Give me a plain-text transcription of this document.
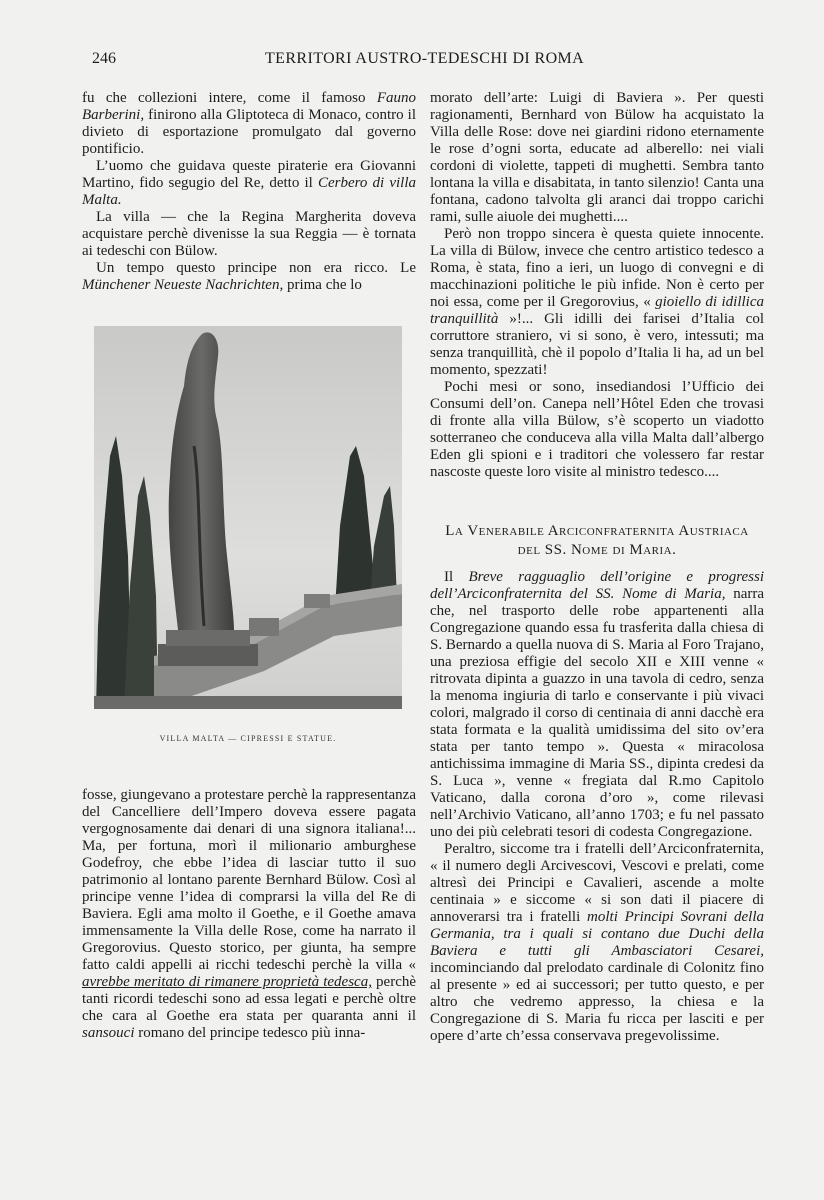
246	TERRITORI AUSTRO-TEDESCHI DI ROMA

fu che collezioni intere, come il famoso Fauno Barberini, finirono alla Gliptoteca di Monaco, contro il divieto di esportazione promulgato dal governo pontificio.

L’uomo che guidava queste piraterie era Giovanni Martino, fido segugio del Re, detto il Cerbero di villa Malta.

La villa — che la Regina Margherita doveva acquistare perchè divenisse la sua Reggia — è tornata ai tedeschi con Bülow.

Un tempo questo principe non era ricco. Le Münchener Neueste Nachrichten, prima che lo

VILLA MALTA — CIPRESSI E STATUE.

fosse, giungevano a protestare perchè la rappresentanza del Cancelliere dell’Impero doveva essere pagata vergognosamente dai denari di una signora italiana!... Ma, per fortuna, morì il milionario amburghese Godefroy, che ebbe l’idea di lasciar tutto il suo patrimonio al lontano parente Bernhard Bülow. Così al principe venne l’idea di comprarsi la villa del Re di Baviera. Egli ama molto il Goethe, e il Goethe amava immensamente la Villa delle Rose, come ha narrato il Gregorovius. Questo storico, per giunta, ha sempre fatto caldi appelli ai ricchi tedeschi perchè la villa « avrebbe meritato di rimanere proprietà tedesca, perchè tanti ricordi tedeschi sono ad essa legati e perchè oltre che cara al Goethe era stata per quaranta anni il sansouci romano del principe tedesco più inna-

morato dell’arte: Luigi di Baviera ». Per questi ragionamenti, Bernhard von Bülow ha acquistato la Villa delle Rose: dove nei giardini ridono eternamente le rose d’ogni sorta, educate ad alberello: nei viali cordoni di violette, tappeti di mughetti. Sembra tanto lontana la villa e disabitata, in tanto silenzio! Canta una fontana, cadono talvolta gli aranci dai troppo carichi rami, sulle aiuole dei mughetti....

Però non troppo sincera è questa quiete innocente. La villa di Bülow, invece che centro artistico tedesco a Roma, è stata, fino a ieri, un luogo di convegni e di macchinazioni politiche le più infide. Non è certo per noi essa, come per il Gregorovius, « gioiello di idillica tranquillità »!... Gli idilli dei farisei d’Italia col corruttore straniero, vi si sono, è vero, intessuti; ma senza tranquillità, chè il popolo d’Italia li ha, ad un bel momento, spezzati!

Pochi mesi or sono, insediandosi l’Ufficio dei Consumi dell’on. Canepa nell’Hôtel Eden che trovasi di fronte alla villa Bülow, s’è scoperto un viadotto sotterraneo che conduceva alla villa Malta dall’albergo Eden gli spioni e i traditori che volessero far restar nascoste queste loro visite al ministro tedesco....

La Venerabile Arciconfraternita Austriaca
del SS. Nome di Maria.

Il Breve ragguaglio dell’origine e progressi dell’Arciconfraternita del SS. Nome di Maria, narra che, nel trasporto delle robe appartenenti alla Congregazione quando essa fu trasferita dalla chiesa di S. Bernardo a quella nuova di S. Maria al Foro Trajano, una preziosa effigie del secolo XII e XIII venne « ritrovata dipinta a guazzo in una tavola di cedro, senza la menoma ingiuria di tarlo e conservante i più vivaci colori, malgrado il corso di centinaia di anni dacchè era stata formata e la qualità umidissima del sito ov’era stata per tanto tempo ». Questa « miracolosa antichissima immagine di Maria SS., dipinta credesi da S. Luca », venne « fregiata dal R.mo Capitolo Vaticano, dalla corona d’oro », come rilevasi nell’Archivio Vaticano, all’anno 1703; e fu nel passato uno dei più celebrati tesori di codesta Congregazione.

Peraltro, siccome tra i fratelli dell’Arciconfraternita, « il numero degli Arcivescovi, Vescovi e prelati, come altresì dei Principi e Cavalieri, ascende a molte centinaia » e siccome « si son dati il piacere di annoverarsi tra i fratelli molti Principi Sovrani della Germania, tra i quali si contano due Duchi della Baviera e tutti gli Ambasciatori Cesarei, incominciando dal prelodato cardinale di Colonitz fino al presente » ed ai successori; per tutto questo, e per altro che vedremo appresso, la chiesa e la Congregazione di S. Maria fu ricca per lasciti e per opere d’arte ch’essa conservava pregevolissime.
